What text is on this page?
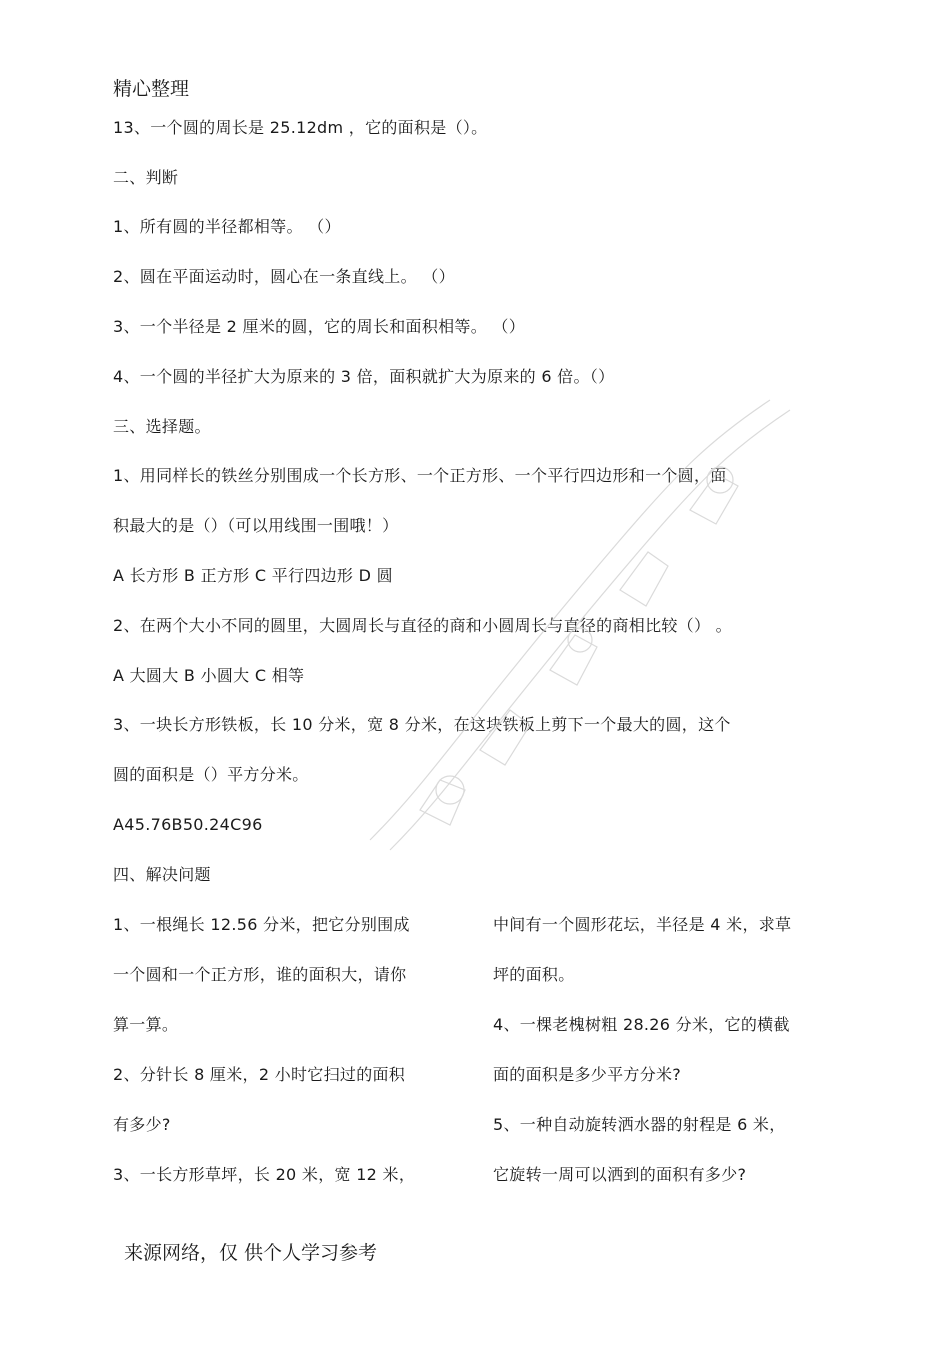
精心整理
13、一个圆的周长是 25.12dm ，它的面积是（）。
二、判断
1、所有圆的半径都相等。 （）
2、圆在平面运动时，圆心在一条直线上。 （）
3、一个半径是 2 厘米的圆，它的周长和面积相等。 （）
4、一个圆的半径扩大为原来的 3 倍，面积就扩大为原来的 6 倍。（）
三、选择题。
1、用同样长的铁丝分别围成一个长方形、一个正方形、一个平行四边形和一个圆，面
积最大的是（）（可以用线围一围哦！）
A 长方形 B 正方形 C 平行四边形 D 圆
2、在两个大小不同的圆里，大圆周长与直径的商和小圆周长与直径的商相比较（） 。
A 大圆大 B 小圆大 C 相等
3、一块长方形铁板，长 10 分米，宽 8 分米，在这块铁板上剪下一个最大的圆，这个
圆的面积是（）平方分米。
A45.76B50.24C96
四、解决问题
1、一根绳长 12.56 分米，把它分别围成
一个圆和一个正方形，谁的面积大，请你
算一算。
2、分针长 8 厘米，2 小时它扫过的面积
有多少?
3、一长方形草坪，长 20 米，宽 12 米，
中间有一个圆形花坛，半径是 4 米，求草
坪的面积。
4、一棵老槐树粗 28.26 分米，它的横截
面的面积是多少平方分米?
5、一种自动旋转洒水器的射程是 6 米，
它旋转一周可以洒到的面积有多少?
来源网络，仅 供个人学习参考
